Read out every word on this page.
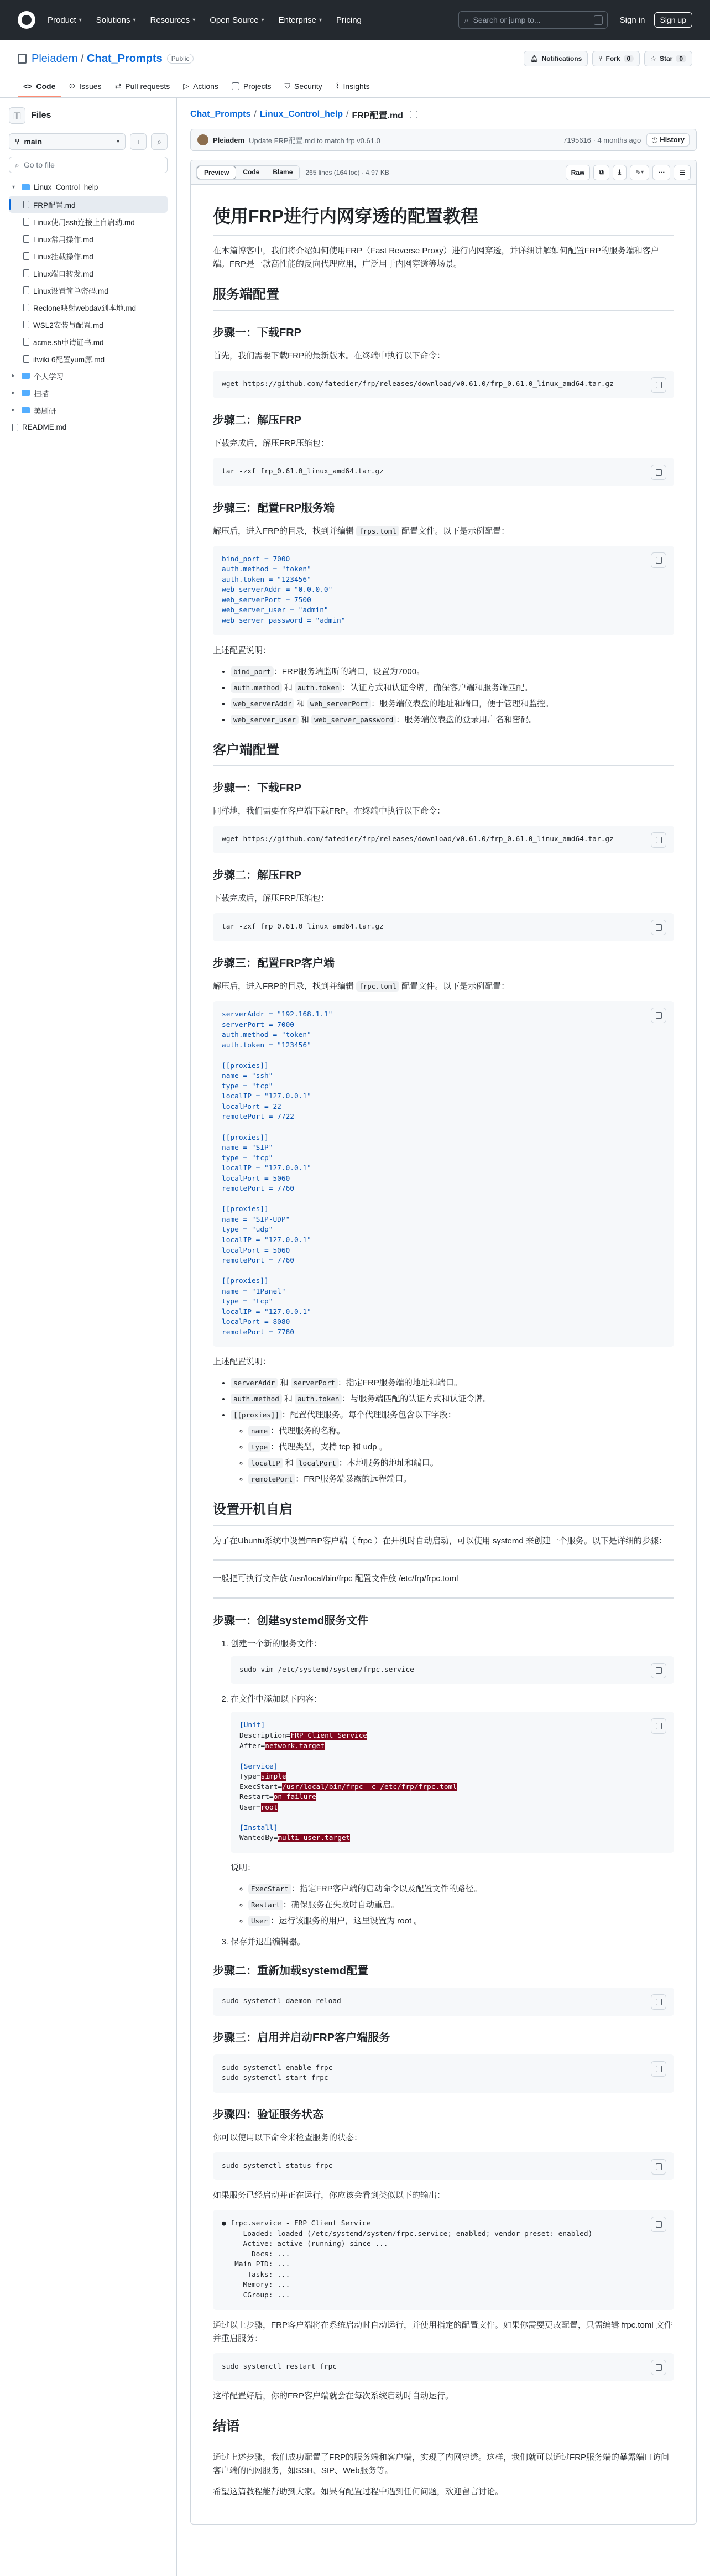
Product ▾ Solutions ▾ Resources ▾ Open Source ▾ Enterprise ▾ Pricing	⌕ Search or jump to...	Sign in	Sign up
Pleiadem / Chat_Prompts	Public	🔔︎ Notifications	⑂ Fork	0	☆ Star	0
<> Code ⊙ Issues ⇄ Pull requests ▷ Actions	Projects ⛉ Security ⌇ Insights
▥ Files
⑂ main	▾ + ⌕
⌕ Go to file
▾	Linux_Control_help
FRP配置.md
Linux使用ssh连接上自启动.md
Linux常用操作.md
Linux挂载操作.md
Linux端口转发.md
Linux设置简单密码.md
Reclone映射webdav到本地.md
WSL2安装与配置.md
acme.sh申请证书.md
ifwiki 6配置yum源.md
▸	个人学习
▸	扫描
▸	美剧研
README.md
Chat_Prompts / Linux_Control_help / FRP配置.md
Pleiadem Update FRP配置.md to match frp v0.61.0	7195616 · 4 months ago	◷ History
Preview	Code	Blame	265 lines (164 loc) · 4.97 KB	Raw	⧉ ⤓ ✎ ▾ ⋯ ☰
使用FRP进行内网穿透的配置教程

在本篇博客中，我们将介绍如何使用FRP（Fast Reverse Proxy）进行内网穿透，并详细讲解如何配置FRP的服务端和客户端。FRP是一款高性能的反向代理应用，广泛用于内网穿透等场景。

服务端配置
步骤一：下载FRP

首先，我们需要下载FRP的最新版本。在终端中执行以下命令：

wget https://github.com/fatedier/frp/releases/download/v0.61.0/frp_0.61.0_linux_amd64.tar.gz
步骤二：解压FRP

下载完成后，解压FRP压缩包：

tar -zxf frp_0.61.0_linux_amd64.tar.gz
步骤三：配置FRP服务端

解压后，进入FRP的目录，找到并编辑 frps.toml 配置文件。以下是示例配置：

bind_port = 7000
auth.method = "token"
auth.token = "123456"
web_serverAddr = "0.0.0.0"
web_serverPort = 7500
web_server_user = "admin"
web_server_password = "admin"

上述配置说明：

• bind_port ：FRP服务端监听的端口，设置为7000。
• auth.method 和 auth.token ：认证方式和认证令牌，确保客户端和服务端匹配。
• web_serverAddr 和 web_serverPort ：服务端仪表盘的地址和端口，便于管理和监控。
• web_server_user 和 web_server_password ：服务端仪表盘的登录用户名和密码。
客户端配置
步骤一：下载FRP

同样地，我们需要在客户端下载FRP。在终端中执行以下命令：

wget https://github.com/fatedier/frp/releases/download/v0.61.0/frp_0.61.0_linux_amd64.tar.gz
步骤二：解压FRP

下载完成后，解压FRP压缩包：

tar -zxf frp_0.61.0_linux_amd64.tar.gz
步骤三：配置FRP客户端

解压后，进入FRP的目录，找到并编辑 frpc.toml 配置文件。以下是示例配置：

serverAddr = "192.168.1.1"
serverPort = 7000
auth.method = "token"
auth.token = "123456"

[[proxies]]
name = "ssh"
type = "tcp"
localIP = "127.0.0.1"
localPort = 22
remotePort = 7722

[[proxies]]
name = "SIP"
type = "tcp"
localIP = "127.0.0.1"
localPort = 5060
remotePort = 7760

[[proxies]]
name = "SIP-UDP"
type = "udp"
localIP = "127.0.0.1"
localPort = 5060
remotePort = 7760

[[proxies]]
name = "1Panel"
type = "tcp"
localIP = "127.0.0.1"
localPort = 8080
remotePort = 7780

上述配置说明：

• serverAddr 和 serverPort ：指定FRP服务端的地址和端口。
• auth.method 和 auth.token ：与服务端匹配的认证方式和认证令牌。
• [[proxies]] ：配置代理服务。每个代理服务包含以下字段：
◦ name ：代理服务的名称。
◦ type ：代理类型，支持 tcp 和 udp 。
◦ localIP 和 localPort ：本地服务的地址和端口。
◦ remotePort ：FRP服务端暴露的远程端口。
设置开机自启

为了在Ubuntu系统中设置FRP客户端（ frpc ）在开机时自动启动，可以使用 systemd 来创建一个服务。以下是详细的步骤：

一般把可执行文件放 /usr/local/bin/frpc 配置文件放 /etc/frp/frpc.toml

步骤一：创建systemd服务文件
1. 创建一个新的服务文件：
sudo vim /etc/systemd/system/frpc.service
2. 在文件中添加以下内容：
[Unit]
Description=FRP Client Service
After=network.target

[Service]
Type=simple
ExecStart=/usr/local/bin/frpc -c /etc/frp/frpc.toml
Restart=on-failure
User=root

[Install]
WantedBy=multi-user.target

说明：

◦ ExecStart ：指定FRP客户端的启动命令以及配置文件的路径。
◦ Restart ：确保服务在失败时自动重启。
◦ User ：运行该服务的用户，这里设置为 root 。
3. 保存并退出编辑器。
步骤二：重新加载systemd配置
sudo systemctl daemon-reload
步骤三：启用并启动FRP客户端服务
sudo systemctl enable frpc
sudo systemctl start frpc
步骤四：验证服务状态

你可以使用以下命令来检查服务的状态：

sudo systemctl status frpc

如果服务已经启动并正在运行，你应该会看到类似以下的输出：

● frpc.service - FRP Client Service
Loaded: loaded (/etc/systemd/system/frpc.service; enabled; vendor preset: enabled)
Active: active (running) since ...
Docs: ...
Main PID: ...
Tasks: ...
Memory: ...
CGroup: ...

通过以上步骤，FRP客户端将在系统启动时自动运行，并使用指定的配置文件。如果你需要更改配置，只需编辑 frpc.toml 文件并重启服务：

sudo systemctl restart frpc

这样配置好后，你的FRP客户端就会在每次系统启动时自动运行。

结语

通过上述步骤，我们成功配置了FRP的服务端和客户端，实现了内网穿透。这样，我们就可以通过FRP服务端的暴露端口访问客户端的内网服务，如SSH、SIP、Web服务等。

希望这篇教程能帮助到大家。如果有配置过程中遇到任何问题，欢迎留言讨论。
